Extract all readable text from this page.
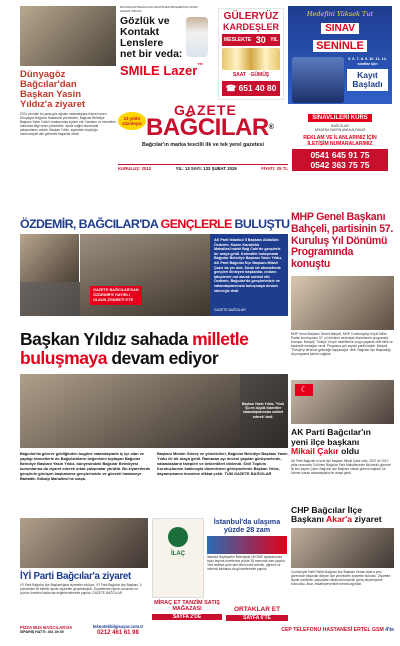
Dünyagöz Bağcılar'dan
Başkan Yasin
Yıldız'a ziyaret
2014 yılından bu yana göz ağrıları vatandaşlara hizmet veren Dünyagöz Bağcılar Hastanesi yöneticileri, Bağcılar Belediye Başkanı Yasin Yıldız'ı makamında ziyaret etti. Hastane ve hizmetleri hakkında bilgi veren yöneticiler, ilçede sağlık alanındaki çalışmalarını anlattı. Başkan Yıldız, ziyaretten duyduğu memnuniyeti dile getirerek başarılar diledi.
DÜNYAGÖZ BAĞCILAR HASTANESİ BAŞHEKİMİ OP.DR. HAKAN ÖZKAN
Gözlük ve
Kontakt
Lenslere
net bir veda:
SMILE Lazer™
GÜLERYÜZ
KARDEŞLER
MESLEKTE 30 YIL
SAAT · GÜMÜŞ
☎ 651 40 80
Hedefini Yüksek Tut
SINAV
SENİNLE
5. 6. 7. 8. 9. 10. 11. 12. sınıflar için
Kayıt
Başladı
SINAVLILERİ KURS
BAĞCILAR
AFKAFDA VAKFIN ANKA ALFAKAS
REKLAM VE İLANLARINIZ İÇİN İLETİŞİM NUMARALARIMIZ
0541 645 91 75
0542 363 75 75
13 yıldır
sizinleyiz
GAZETE
BAĞCILAR®
Bağcılar'ın marka tescilli ilk ve tek yerel gazetesi
KURULUŞ: 2012	YIL: 13 SAYI: 133 ŞUBAT 2026	FİYATI: 25 TL
ÖZDEMİR, BAĞCILAR'DA GENÇLERLE BULUŞTU
GAZETE BAĞCILAR'DAN
ÖZDEMİR'E HAYIRLI
OLSUN ZİYARETİ 5'TE
AK Parti İstanbul İl Başkanı Abdullah Özdemir, Kazım Karabekir Mahallesi'ndeki Bağ Cafe'de gençlerle bir araya geldi. Kahvaltılı buluşmada Bağcılar Belediye Başkanı Yasin Yıldız, AK Parti Bağcılar İlçe Başkanı Mikail Çakır da yer aldı. Sıcak bir atmosferde gençleri dinleyen başkanlar, onların taleplerini not alarak sohbet etti. Özdemir, Bağcılar'da gençlerimizle ve vatandaşlarımızla buluşmaya devam edeceğiz dedi.
GAZETE BAĞCILAR
MHP Genel Başkanı
Bahçeli, partisinin 57.
Kuruluş Yıl Dönümü
Programında konuştu
MHP Genel Başkanı Devlet Bahçeli, MHP Cumhuriyetçi Köylü Millet Partisi kuruluşunun 57. yıl dönümü nedeniyle düzenlenen programda konuştu. Bahçeli, Türkiye Yüzyılı hedeflerine vurgu yaparak milli birlik ve kardeşlik mesajları verdi. Programa çok sayıda partili katıldı. Bahçeli, 'Türkiye'yi terörsüz geleceğe taşıyacağız' dedi. Bağcılar İlçe Başkanlığı da programa katılım sağladı.
Başkan Yıldız sahada milletle
buluşmaya devam ediyor
Başkan Yasin Yıldız, 'Yüzü 'Şu en büyük hizmetler vatandaşlarımızla sohbet ederek' dedi.
Bağcılar'da göreve geldiğinden bugüne vatandaşlarla iç içe olan ve yaptığı hizmetlerle de Bağcılarlıların beğenisini toplayan Bağcılar Belediye Başkanı Yasin Yıldız, bünyesindeki Bağcılar Belediyesi kurumlarına da ziyaret ederek ortak çalışmalar yürüttü. Bu ziyaretlerde gençlerle görüşen başkanımız gençlerimizle ve güvenli hastaneye Bahattin Gökalp Mahallesi'ne ulaştı.
Başkanı Mümin Güneş ve yöneticileri, Bağcılar Belediye Başkanı Yasin Yıldız ile bir araya geldi. Ramazan ayı öncesi yapılan görüşmelerde, vatandaşların talepleri ve beklentileri dinlendi. Sivil Toplum Kuruluşlarının katılımıyla düzenlenen görüşmelerde Başkan Yıldız, dayanışmanın önemine dikkat çekti. TÜM GAZETE BAĞCILAR
☾
AK Parti Bağcılar'ın
yeni ilçe başkanı
Mikail Çakır oldu
AK Parti Bağcılar'ın yeni ilçe başkanı Mikail Çakır oldu. 2007 ile 2010 yılları arasında 3 dönem Bağcılar Park Mahallesinde Muhtarlık görevini ilk kez yapan Çakır, Bağcılar ilçe Başkanı olarak göreve başladı. İlk hizmet olarak vatandaşlarla bir araya geldi.
CHP Bağcılar İlçe
Başkanı Akar'a ziyaret
Cumhuriyet Halk Partisi Bağcılar İlçe Başkanı Kenan Akar'a yeni görevinde başarılar dileyen ilçe yöneticileri ziyarette bulundu. Ziyarette ilçede yürütülen çalışmalar hakkında karşılıklı görüş alışverişinde bulunuldu. Akar, misafirperverlikle herkesi ağırladı.
İYİ Parti Bağcılar'a ziyaret
İYİ Parti Bağcılar İlçe Başkanlığına ziyaretler sürüyor. İYİ Parti Bağcılar İlçe Başkanı, il yöneticileri ile birlikte ilçede ziyaretler gerçekleştirdi. Ziyaretlerde ilçenin sorunları ve çözüm önerileri hakkında değerlendirmeler yapıldı. GAZETE BAĞCILAR
İLAÇ
İstanbul'da ulaşıma yüzde 28 zam
İstanbul Büyükşehir Belediyesi UKOME toplantısında toplu taşıma ücretlerine yüzde 28 oranında zam yapıldı. Yeni tarifeye göre tam bilet ücreti artırıldı, öğrenci ve indirimli kartlarda da güncellemeler yapıldı.
MİRAÇ ET TANZİM SATIŞ MAĞAZASI
SAYFA 2'DE
ORTAKLAR ET
SAYFA 6'TE
PİZZA BUS BAĞCILAR'DA
SİPARİŞ HATTI: 461 39 39
teknotekbilgisayar.com.tr
0212 461 61 98	CEP TELEFONU HASTANESİ ERTEL GSM 4'te
